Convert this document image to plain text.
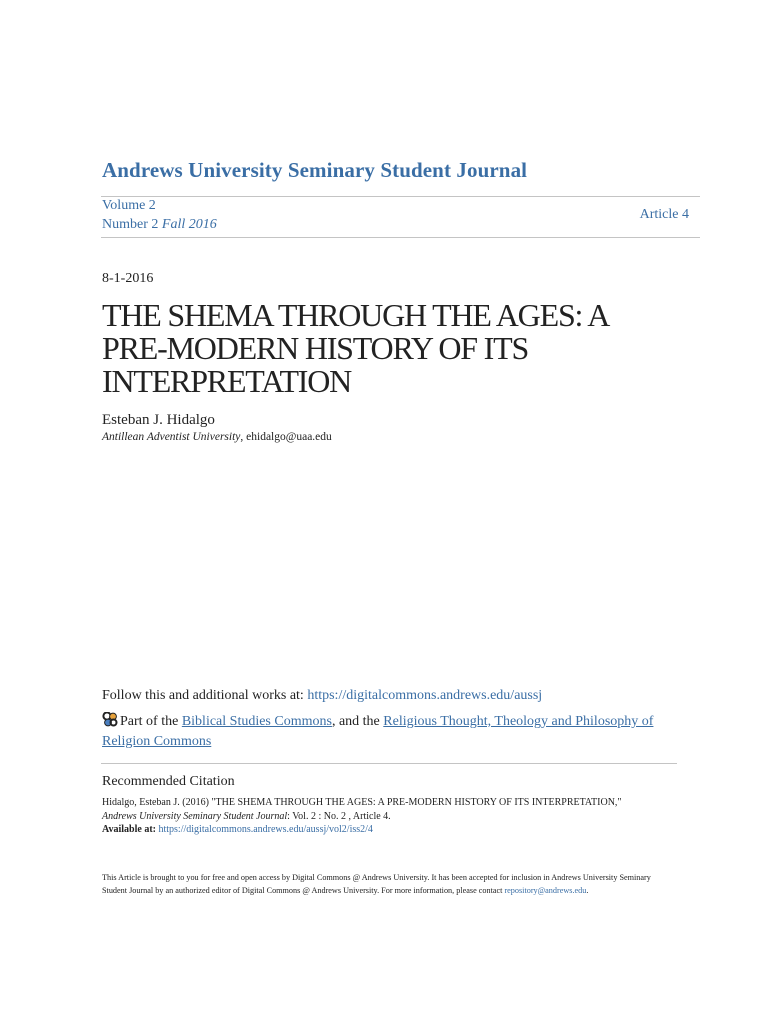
Andrews University Seminary Student Journal
Volume 2
Number 2 Fall 2016
Article 4
8-1-2016
THE SHEMA THROUGH THE AGES: A PRE-MODERN HISTORY OF ITS INTERPRETATION
Esteban J. Hidalgo
Antillean Adventist University, ehidalgo@uaa.edu
Follow this and additional works at: https://digitalcommons.andrews.edu/aussj
Part of the Biblical Studies Commons, and the Religious Thought, Theology and Philosophy of Religion Commons
Recommended Citation
Hidalgo, Esteban J. (2016) "THE SHEMA THROUGH THE AGES: A PRE-MODERN HISTORY OF ITS INTERPRETATION,"
Andrews University Seminary Student Journal: Vol. 2 : No. 2 , Article 4.
Available at: https://digitalcommons.andrews.edu/aussj/vol2/iss2/4
This Article is brought to you for free and open access by Digital Commons @ Andrews University. It has been accepted for inclusion in Andrews University Seminary Student Journal by an authorized editor of Digital Commons @ Andrews University. For more information, please contact repository@andrews.edu.
